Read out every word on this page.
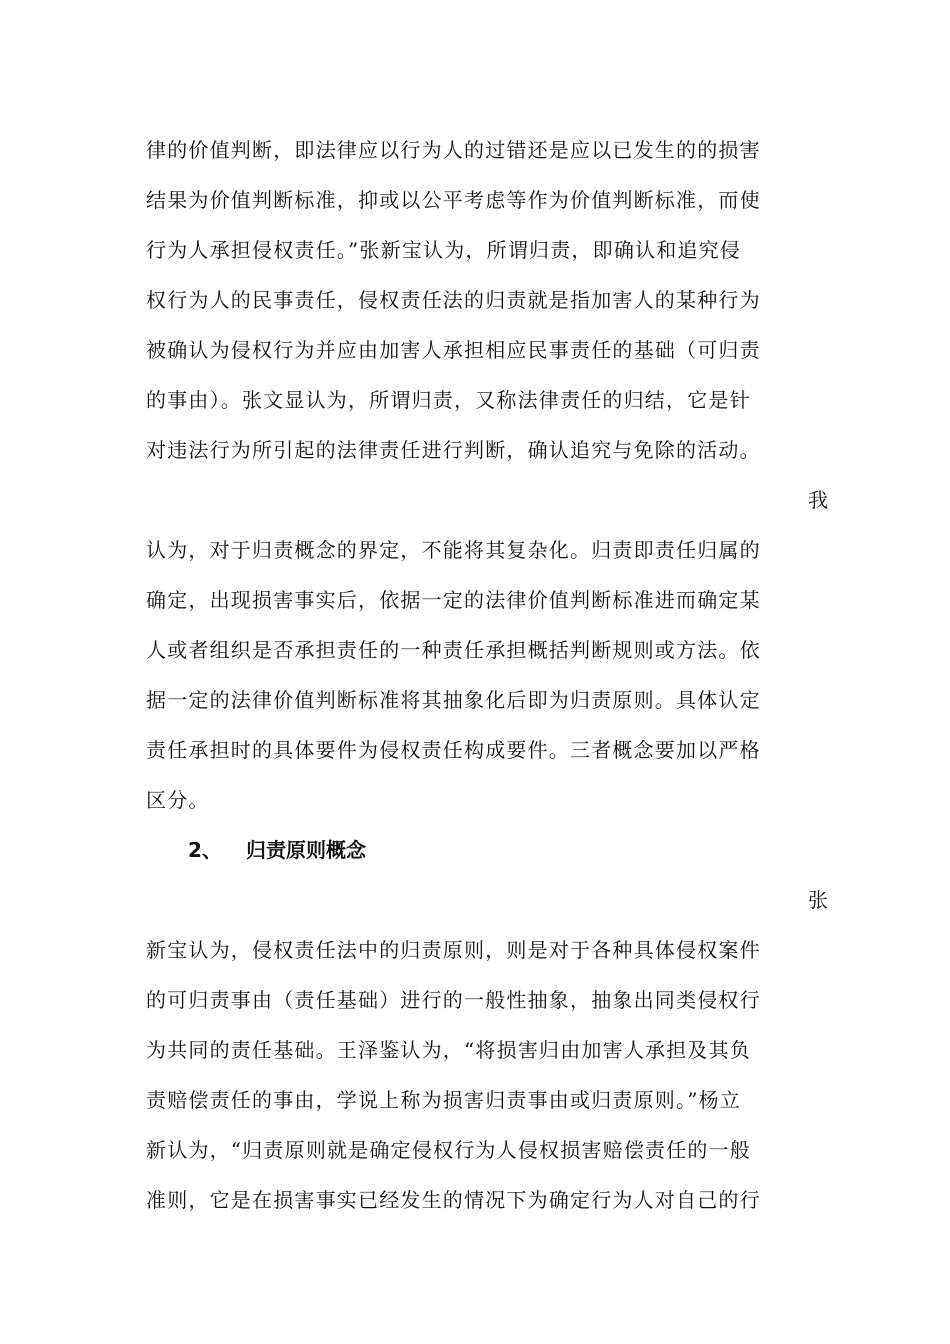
律的价值判断，即法律应以行为人的过错还是应以已发生的的损害
结果为价值判断标准，抑或以公平考虑等作为价值判断标准，而使
行为人承担侵权责任。”张新宝认为，所谓归责，即确认和追究侵
权行为人的民事责任，侵权责任法的归责就是指加害人的某种行为
被确认为侵权行为并应由加害人承担相应民事责任的基础（可归责
的事由）。张文显认为，所谓归责，又称法律责任的归结，它是针
对违法行为所引起的法律责任进行判断，确认追究与免除的活动。
我
认为，对于归责概念的界定，不能将其复杂化。归责即责任归属的
确定，出现损害事实后，依据一定的法律价值判断标准进而确定某
人或者组织是否承担责任的一种责任承担概括判断规则或方法。依
据一定的法律价值判断标准将其抽象化后即为归责原则。具体认定
责任承担时的具体要件为侵权责任构成要件。三者概念要加以严格
区分。
2、 归责原则概念
张
新宝认为，侵权责任法中的归责原则，则是对于各种具体侵权案件
的可归责事由（责任基础）进行的一般性抽象，抽象出同类侵权行
为共同的责任基础。王泽鉴认为，“将损害归由加害人承担及其负
责赔偿责任的事由，学说上称为损害归责事由或归责原则。”杨立
新认为，“归责原则就是确定侵权行为人侵权损害赔偿责任的一般
准则，它是在损害事实已经发生的情况下为确定行为人对自己的行
